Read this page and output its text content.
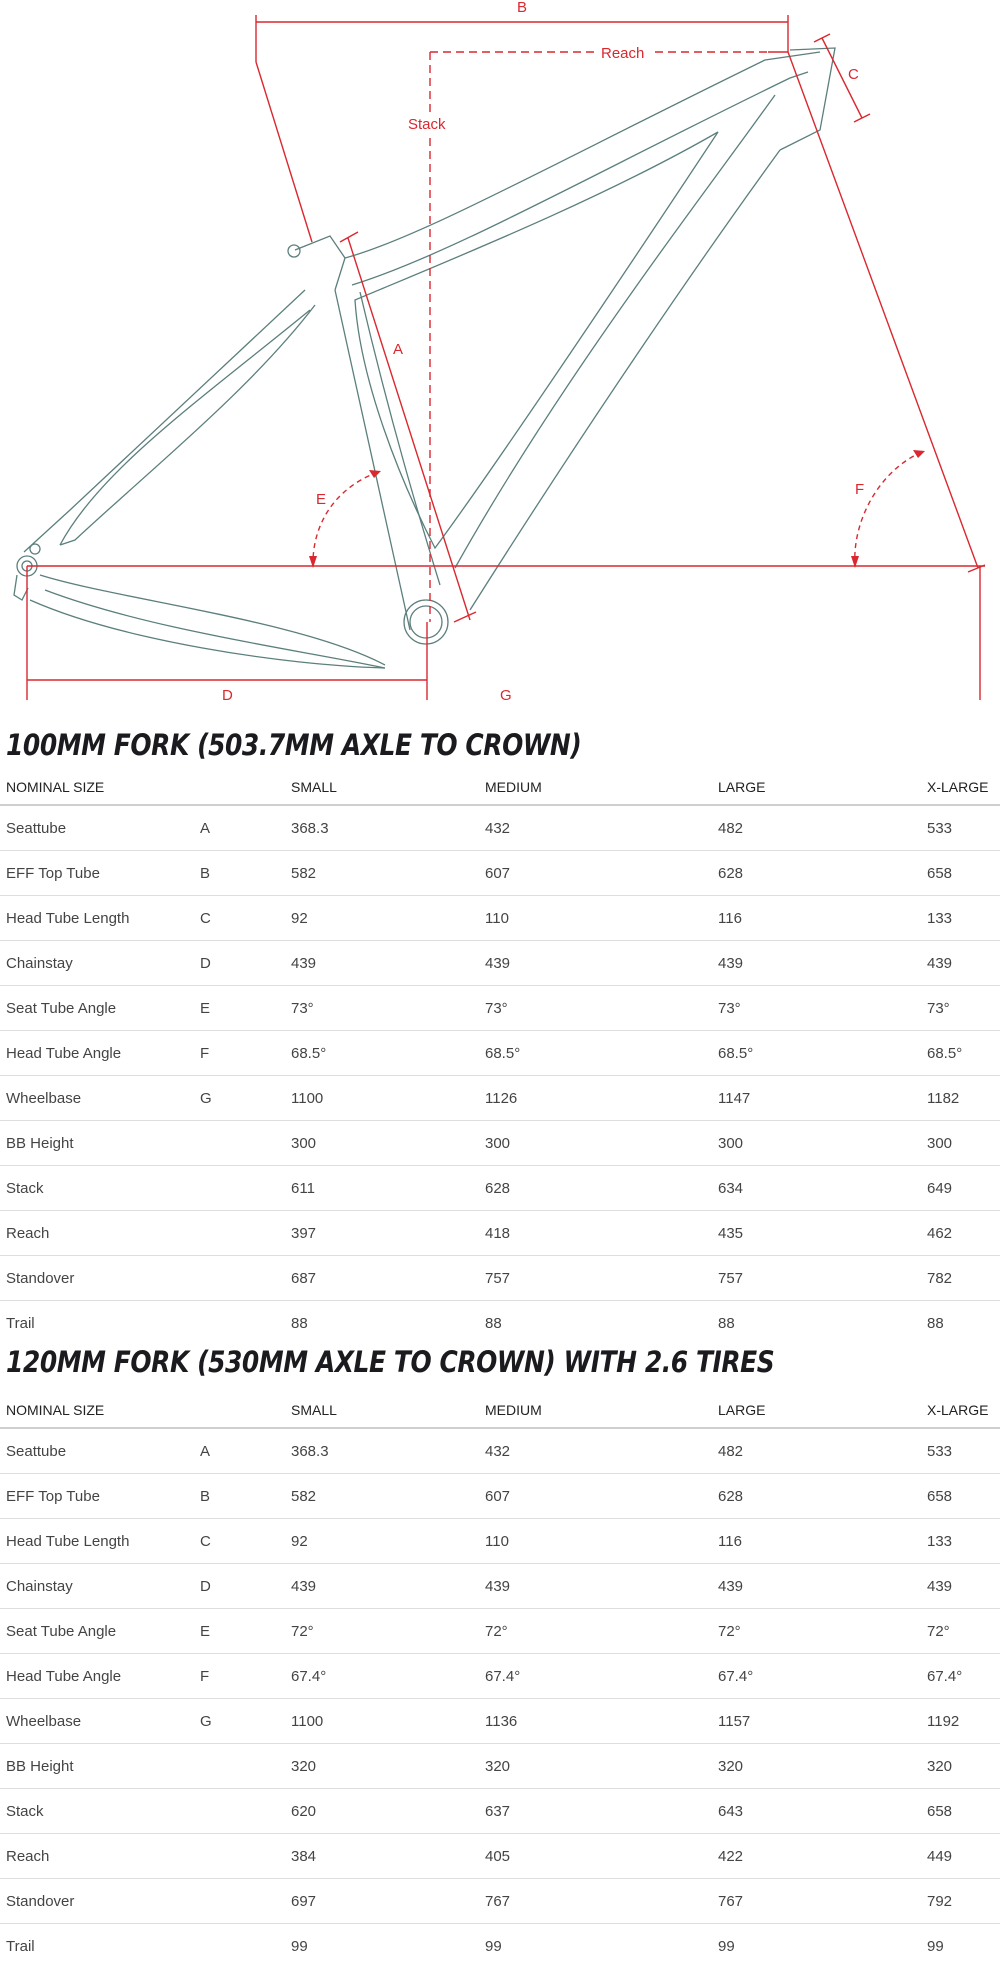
B
Reach
Stack
C
A
E
F
D	G
100MM FORK (503.7MM AXLE TO CROWN)
NOMINAL SIZE		SMALL	MEDIUM	LARGE	X-LARGE
Seattube	A	368.3	432	482	533
EFF Top Tube	B	582	607	628	658
Head Tube Length	C	92	110	116	133
Chainstay	D	439	439	439	439
Seat Tube Angle	E	73°	73°	73°	73°
Head Tube Angle	F	68.5°	68.5°	68.5°	68.5°
Wheelbase	G	1100	1126	1147	1182
BB Height		300	300	300	300
Stack		611	628	634	649
Reach		397	418	435	462
Standover		687	757	757	782
Trail		88	88	88	88
120MM FORK (530MM AXLE TO CROWN) WITH 2.6 TIRES
NOMINAL SIZE		SMALL	MEDIUM	LARGE	X-LARGE
Seattube	A	368.3	432	482	533
EFF Top Tube	B	582	607	628	658
Head Tube Length	C	92	110	116	133
Chainstay	D	439	439	439	439
Seat Tube Angle	E	72°	72°	72°	72°
Head Tube Angle	F	67.4°	67.4°	67.4°	67.4°
Wheelbase	G	1100	1136	1157	1192
BB Height		320	320	320	320
Stack		620	637	643	658
Reach		384	405	422	449
Standover		697	767	767	792
Trail		99	99	99	99
